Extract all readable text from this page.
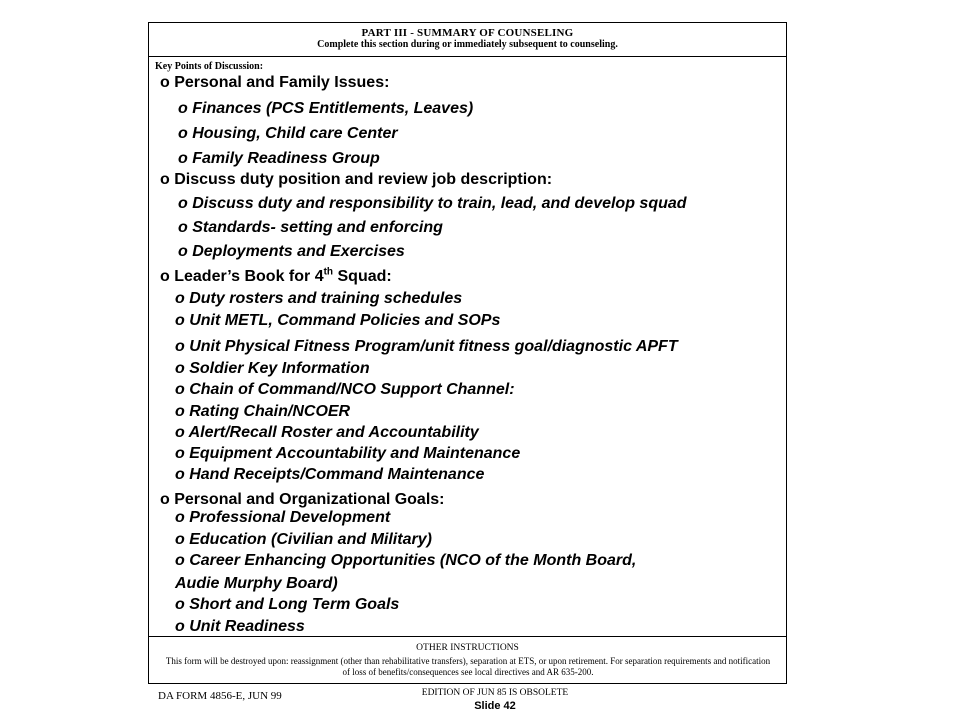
PART III - SUMMARY OF COUNSELING
Complete this section during or immediately subsequent to counseling.
Key Points of Discussion:
o Personal and Family Issues:
o Finances (PCS Entitlements, Leaves)
o Housing, Child care Center
o Family Readiness Group
o Discuss duty position and review job description:
o Discuss duty and responsibility to train, lead, and develop squad
o Standards- setting and enforcing
o Deployments and Exercises
o Leader’s Book for 4th Squad:
o Duty rosters and training schedules
o Unit METL, Command Policies and SOPs
o Unit Physical Fitness Program/unit fitness goal/diagnostic APFT
o Soldier Key Information
o Chain of Command/NCO Support Channel:
o Rating Chain/NCOER
o Alert/Recall Roster and Accountability
o Equipment Accountability and Maintenance
o Hand Receipts/Command Maintenance
o Personal and Organizational Goals:
o Professional Development
o Education (Civilian and Military)
o Career Enhancing Opportunities (NCO of the Month Board,
Audie Murphy Board)
o Short and Long Term Goals
o Unit Readiness
OTHER INSTRUCTIONS
This form will be destroyed upon: reassignment (other than rehabilitative transfers), separation at ETS, or upon retirement. For separation requirements and notification of loss of benefits/consequences see local directives and AR 635-200.
DA FORM 4856-E, JUN 99	EDITION OF JUN 85 IS OBSOLETE
Slide 42
